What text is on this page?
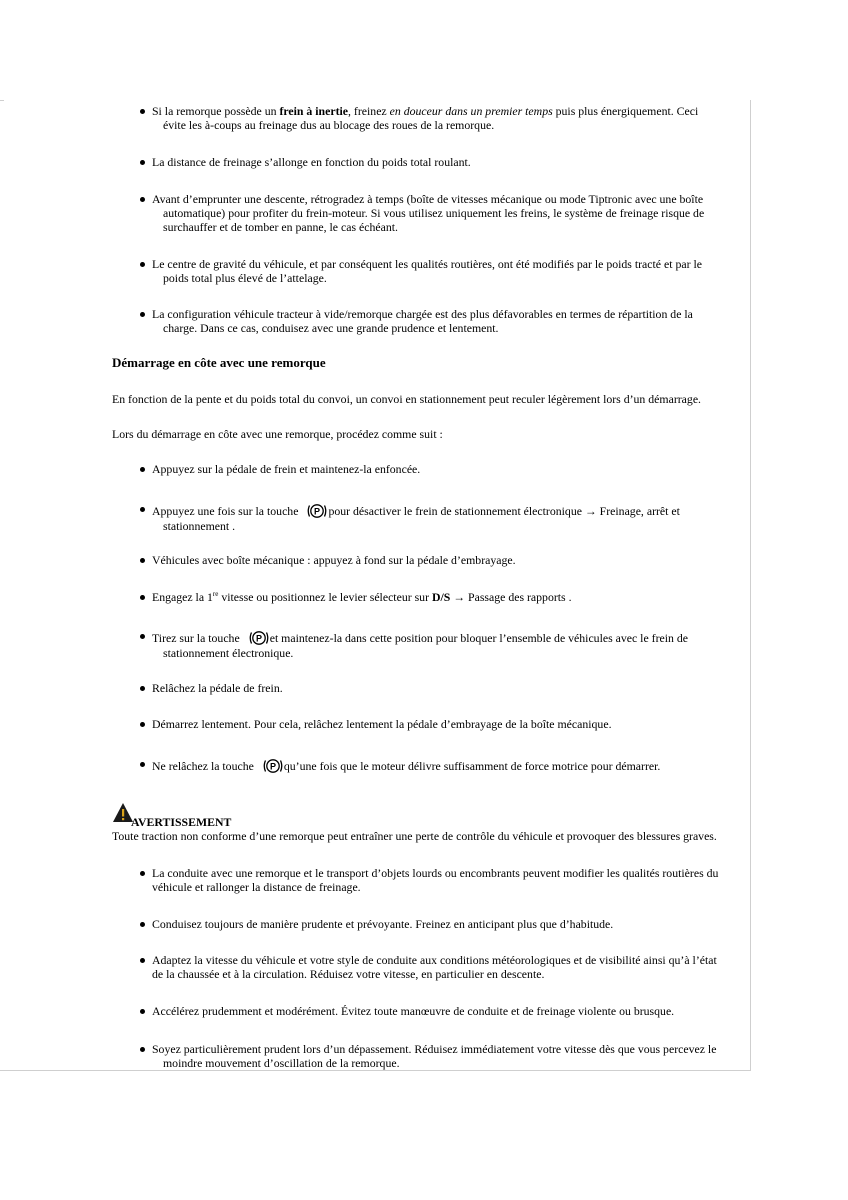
Si la remorque possède un frein à inertie, freinez en douceur dans un premier temps puis plus énergiquement. Ceci
évite les à-coups au freinage dus au blocage des roues de la remorque.
La distance de freinage s’allonge en fonction du poids total roulant.
Avant d’emprunter une descente, rétrogradez à temps (boîte de vitesses mécanique ou mode Tiptronic avec une boîte
automatique) pour profiter du frein-moteur. Si vous utilisez uniquement les freins, le système de freinage risque de
surchauffer et de tomber en panne, le cas échéant.
Le centre de gravité du véhicule, et par conséquent les qualités routières, ont été modifiés par le poids tracté et par le
poids total plus élevé de l’attelage.
La configuration véhicule tracteur à vide/remorque chargée est des plus défavorables en termes de répartition de la
charge. Dans ce cas, conduisez avec une grande prudence et lentement.
Démarrage en côte avec une remorque
En fonction de la pente et du poids total du convoi, un convoi en stationnement peut reculer légèrement lors d’un démarrage.
Lors du démarrage en côte avec une remorque, procédez comme suit :
Appuyez sur la pédale de frein et maintenez-la enfoncée.
Appuyez une fois sur la touche P pour désactiver le frein de stationnement électronique → Freinage, arrêt et
stationnement .
Véhicules avec boîte mécanique : appuyez à fond sur la pédale d’embrayage.
Engagez la 1re vitesse ou positionnez le levier sélecteur sur D/S → Passage des rapports .
Tirez sur la touche P et maintenez-la dans cette position pour bloquer l’ensemble de véhicules avec le frein de
stationnement électronique.
Relâchez la pédale de frein.
Démarrez lentement. Pour cela, relâchez lentement la pédale d’embrayage de la boîte mécanique.
Ne relâchez la touche P qu’une fois que le moteur délivre suffisamment de force motrice pour démarrer.
AVERTISSEMENT
Toute traction non conforme d’une remorque peut entraîner une perte de contrôle du véhicule et provoquer des blessures graves.
La conduite avec une remorque et le transport d’objets lourds ou encombrants peuvent modifier les qualités routières du
véhicule et rallonger la distance de freinage.
Conduisez toujours de manière prudente et prévoyante. Freinez en anticipant plus que d’habitude.
Adaptez la vitesse du véhicule et votre style de conduite aux conditions météorologiques et de visibilité ainsi qu’à l’état
de la chaussée et à la circulation. Réduisez votre vitesse, en particulier en descente.
Accélérez prudemment et modérément. Évitez toute manœuvre de conduite et de freinage violente ou brusque.
Soyez particulièrement prudent lors d’un dépassement. Réduisez immédiatement votre vitesse dès que vous percevez le
moindre mouvement d’oscillation de la remorque.
